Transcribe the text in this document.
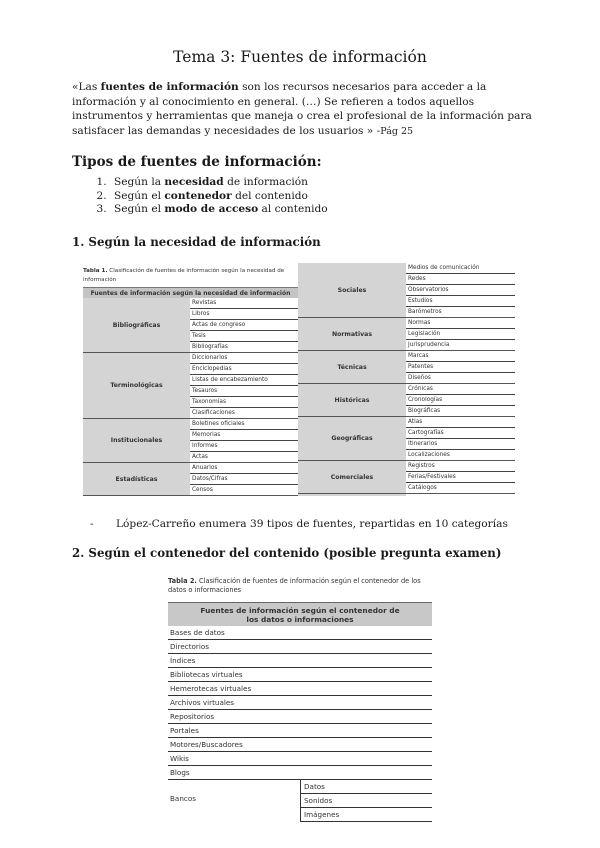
Tema 3: Fuentes de información
«Las fuentes de información son los recursos necesarios para acceder a la información y al conocimiento en general. (…) Se refieren a todos aquellos instrumentos y herramientas que maneja o crea el profesional de la información para satisfacer las demandas y necesidades de los usuarios » -Pág 25
Tipos de fuentes de información:
1. Según la necesidad de información
2. Según el contenedor del contenido
3. Según el modo de acceso al contenido
1. Según la necesidad de información
Tabla 1. Clasificación de fuentes de información según la necesidad de información
Fuentes de información según la necesidad de información
Bibliográficas
Revistas
Libros
Actas de congreso
Tesis
Bibliografías
Terminológicas
Diccionarios
Enciclopedias
Listas de encabezamiento
Tesauros
Taxonomías
Clasificaciones
Institucionales
Boletines oficiales
Memorias
Informes
Actas
Estadísticas
Anuarios
Datos/Cifras
Censos
Sociales
Medios de comunicación
Redes
Observatorios
Estudios
Barómetros
Normativas
Normas
Legislación
Jurisprudencia
Técnicas
Marcas
Patentes
Diseños
Históricas
Crónicas
Cronologías
Biográficas
Geográficas
Atlas
Cartografías
Itinerarios
Localizaciones
Comerciales
Registros
Ferias/Festivales
Catálogos
- López-Carreño enumera 39 tipos de fuentes, repartidas en 10 categorías
2. Según el contenedor del contenido (posible pregunta examen)
Tabla 2. Clasificación de fuentes de información según el contenedor de los datos o informaciones
Fuentes de información según el contenedor de los datos o informaciones
Bases de datos
Directorios
Índices
Bibliotecas virtuales
Hemerotecas virtuales
Archivos virtuales
Repositorios
Portales
Motores/Buscadores
Wikis
Blogs
Bancos
Datos
Sonidos
Imágenes
